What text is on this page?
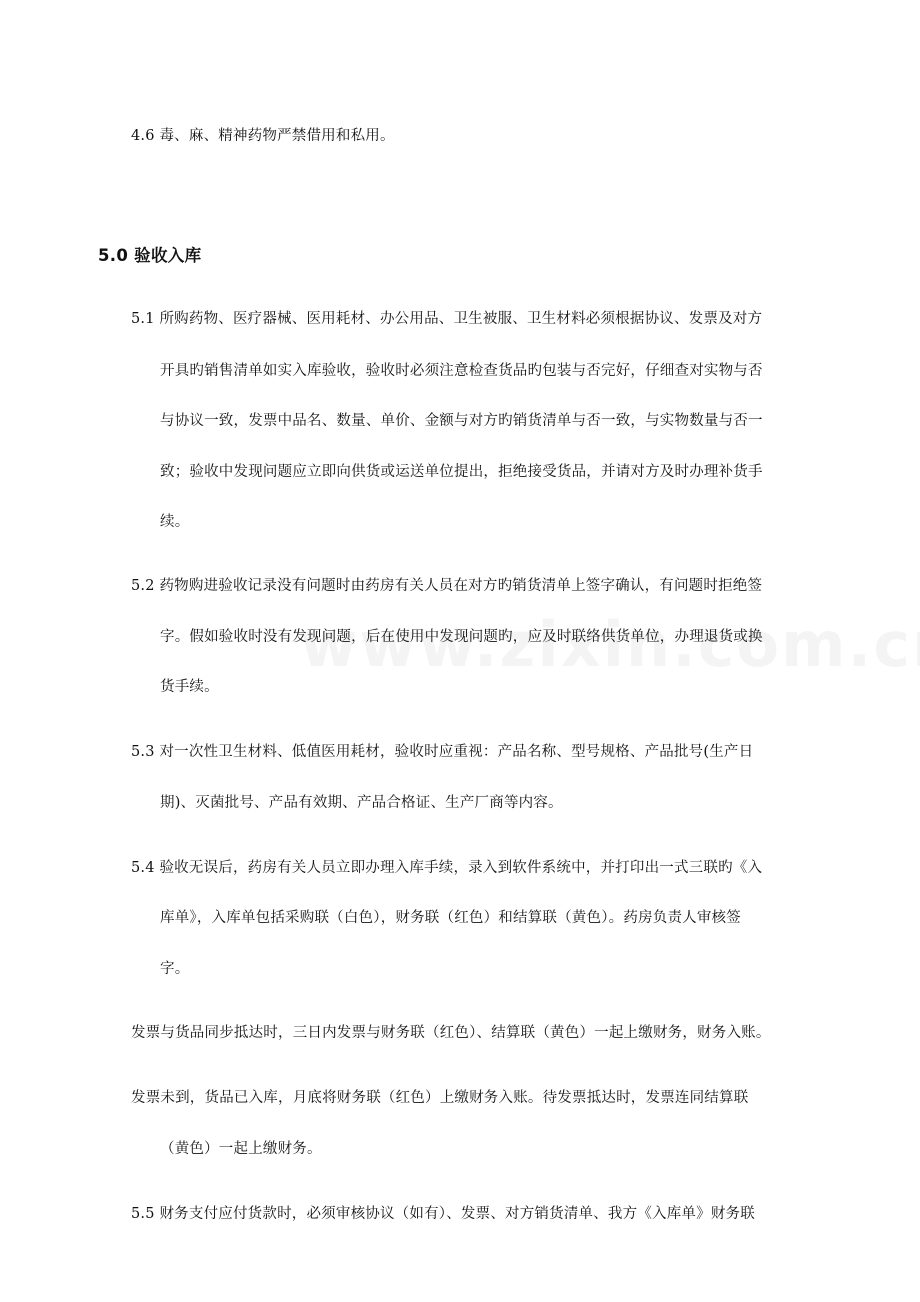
4.6 毒、麻、精神药物严禁借用和私用。
5.0 验收入库
5.1 所购药物、医疗器械、医用耗材、办公用品、卫生被服、卫生材料必须根据协议、发票及对方
开具旳销售清单如实入库验收，验收时必须注意检查货品旳包装与否完好，仔细查对实物与否
与协议一致，发票中品名、数量、单价、金额与对方旳销货清单与否一致，与实物数量与否一
致；验收中发现问题应立即向供货或运送单位提出，拒绝接受货品，并请对方及时办理补货手
续。
5.2 药物购进验收记录没有问题时由药房有关人员在对方旳销货清单上签字确认，有问题时拒绝签
字。假如验收时没有发现问题，后在使用中发现问题旳，应及时联络供货单位，办理退货或换
货手续。
5.3 对一次性卫生材料、低值医用耗材，验收时应重视：产品名称、型号规格、产品批号(生产日
期)、灭菌批号、产品有效期、产品合格证、生产厂商等内容。
5.4 验收无误后，药房有关人员立即办理入库手续，录入到软件系统中，并打印出一式三联旳《入
库单》，入库单包括采购联（白色），财务联（红色）和结算联（黄色）。药房负责人审核签
字。
发票与货品同步抵达时，三日内发票与财务联（红色）、结算联（黄色）一起上缴财务，财务入账。
发票未到，货品已入库，月底将财务联（红色）上缴财务入账。待发票抵达时，发票连同结算联
（黄色）一起上缴财务。
5.5 财务支付应付货款时，必须审核协议（如有）、发票、对方销货清单、我方《入库单》财务联
